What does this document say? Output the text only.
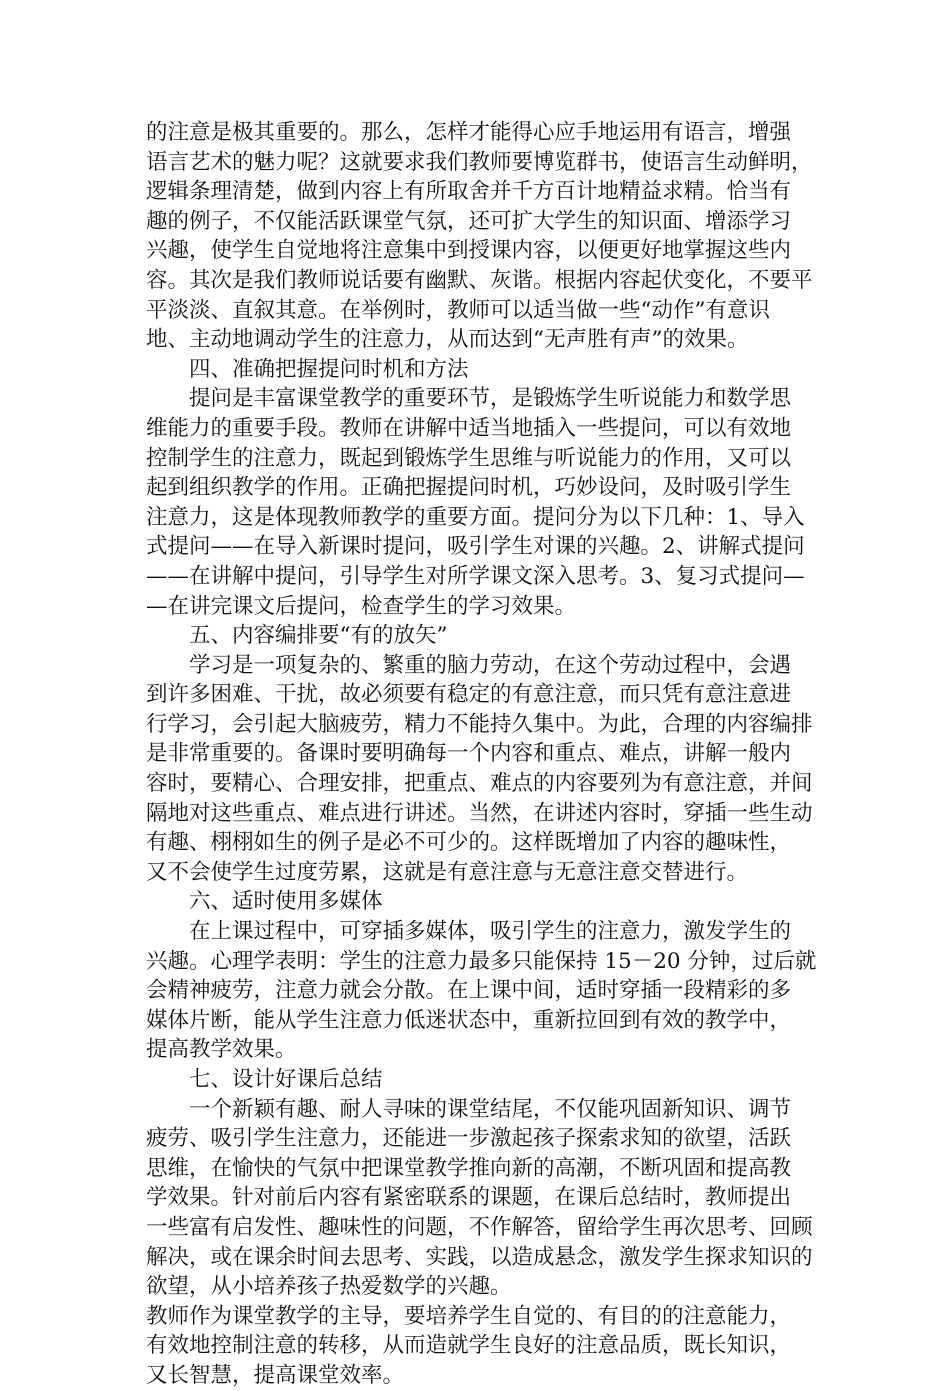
的注意是极其重要的。那么，怎样才能得心应手地运用有语言，增强
语言艺术的魅力呢？这就要求我们教师要博览群书，使语言生动鲜明，
逻辑条理清楚，做到内容上有所取舍并千方百计地精益求精。恰当有
趣的例子，不仅能活跃课堂气氛，还可扩大学生的知识面、增添学习
兴趣，使学生自觉地将注意集中到授课内容，以便更好地掌握这些内
容。其次是我们教师说话要有幽默、灰谐。根据内容起伏变化，不要平
平淡淡、直叙其意。在举例时，教师可以适当做一些“动作”有意识
地、主动地调动学生的注意力，从而达到“无声胜有声”的效果。
四、准确把握提问时机和方法
提问是丰富课堂教学的重要环节，是锻炼学生听说能力和数学思
维能力的重要手段。教师在讲解中适当地插入一些提问，可以有效地
控制学生的注意力，既起到锻炼学生思维与听说能力的作用，又可以
起到组织教学的作用。正确把握提问时机，巧妙设问，及时吸引学生
注意力，这是体现教师教学的重要方面。提问分为以下几种：1、导入
式提问——在导入新课时提问，吸引学生对课的兴趣。2、讲解式提问
——在讲解中提问，引导学生对所学课文深入思考。3、复习式提问—
—在讲完课文后提问，检查学生的学习效果。
五、内容编排要“有的放矢”
学习是一项复杂的、繁重的脑力劳动，在这个劳动过程中，会遇
到许多困难、干扰，故必须要有稳定的有意注意，而只凭有意注意进
行学习，会引起大脑疲劳，精力不能持久集中。为此，合理的内容编排
是非常重要的。备课时要明确每一个内容和重点、难点，讲解一般内
容时，要精心、合理安排，把重点、难点的内容要列为有意注意，并间
隔地对这些重点、难点进行讲述。当然，在讲述内容时，穿插一些生动
有趣、栩栩如生的例子是必不可少的。这样既增加了内容的趣味性，
又不会使学生过度劳累，这就是有意注意与无意注意交替进行。
六、适时使用多媒体
在上课过程中，可穿插多媒体，吸引学生的注意力，激发学生的
兴趣。心理学表明：学生的注意力最多只能保持 15－20 分钟，过后就
会精神疲劳，注意力就会分散。在上课中间，适时穿插一段精彩的多
媒体片断，能从学生注意力低迷状态中，重新拉回到有效的教学中，
提高教学效果。
七、设计好课后总结
一个新颖有趣、耐人寻味的课堂结尾，不仅能巩固新知识、调节
疲劳、吸引学生注意力，还能进一步激起孩子探索求知的欲望，活跃
思维，在愉快的气氛中把课堂教学推向新的高潮，不断巩固和提高教
学效果。针对前后内容有紧密联系的课题，在课后总结时，教师提出
一些富有启发性、趣味性的问题，不作解答，留给学生再次思考、回顾
解决，或在课余时间去思考、实践，以造成悬念，激发学生探求知识的
欲望，从小培养孩子热爱数学的兴趣。
教师作为课堂教学的主导，要培养学生自觉的、有目的的注意能力，
有效地控制注意的转移，从而造就学生良好的注意品质，既长知识，
又长智慧，提高课堂效率。
